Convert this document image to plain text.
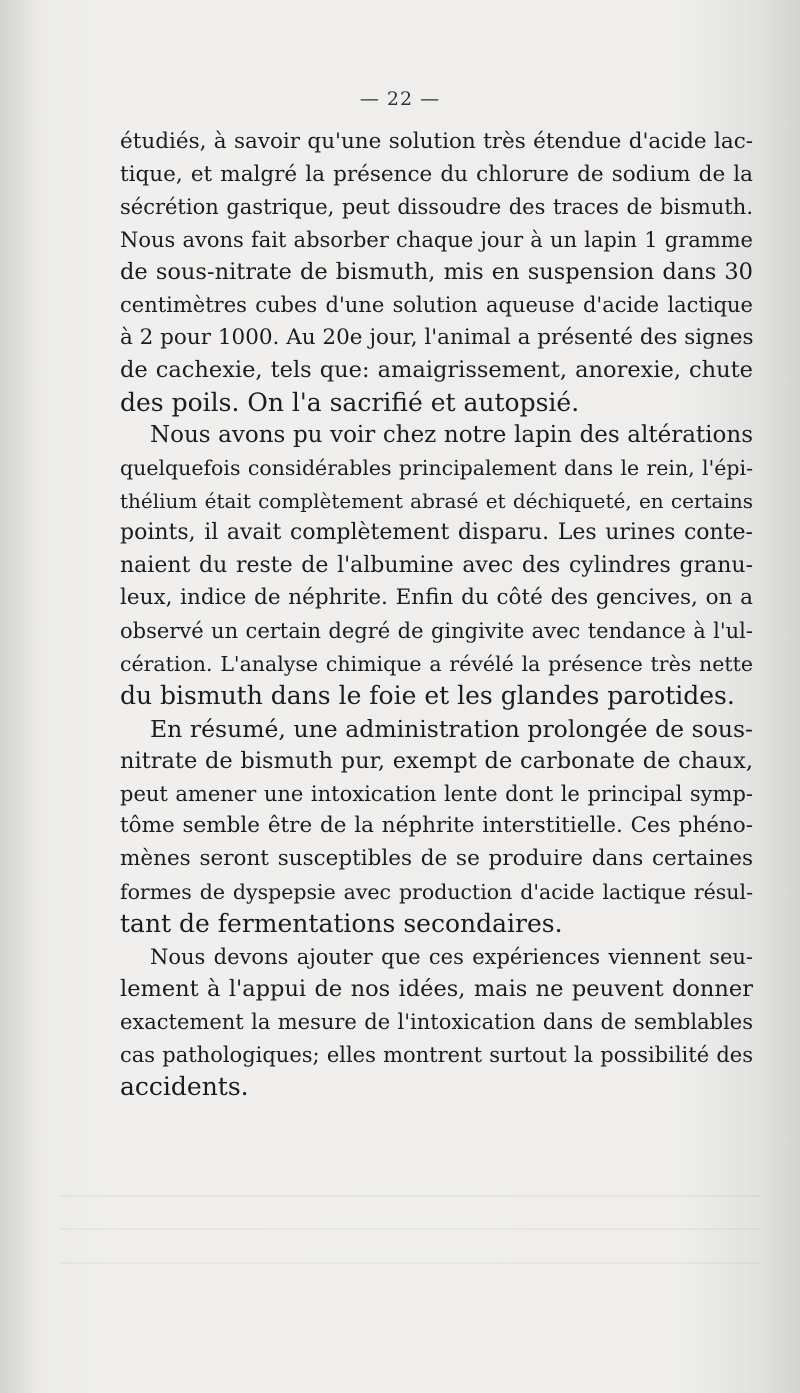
— 22 —
étudiés, à savoir qu'une solution très étendue d'acide lac-
tique, et malgré la présence du chlorure de sodium de la
sécrétion gastrique, peut dissoudre des traces de bismuth.
Nous avons fait absorber chaque jour à un lapin 1 gramme
de sous-nitrate de bismuth, mis en suspension dans 30
centimètres cubes d'une solution aqueuse d'acide lactique
à 2 pour 1000. Au 20e jour, l'animal a présenté des signes
de cachexie, tels que: amaigrissement, anorexie, chute
des poils. On l'a sacrifié et autopsié.
Nous avons pu voir chez notre lapin des altérations
quelquefois considérables principalement dans le rein, l'épi-
thélium était complètement abrasé et déchiqueté, en certains
points, il avait complètement disparu. Les urines conte-
naient du reste de l'albumine avec des cylindres granu-
leux, indice de néphrite. Enfin du côté des gencives, on a
observé un certain degré de gingivite avec tendance à l'ul-
cération. L'analyse chimique a révélé la présence très nette
du bismuth dans le foie et les glandes parotides.
En résumé, une administration prolongée de sous-
nitrate de bismuth pur, exempt de carbonate de chaux,
peut amener une intoxication lente dont le principal symp-
tôme semble être de la néphrite interstitielle. Ces phéno-
mènes seront susceptibles de se produire dans certaines
formes de dyspepsie avec production d'acide lactique résul-
tant de fermentations secondaires.
Nous devons ajouter que ces expériences viennent seu-
lement à l'appui de nos idées, mais ne peuvent donner
exactement la mesure de l'intoxication dans de semblables
cas pathologiques; elles montrent surtout la possibilité des
accidents.
